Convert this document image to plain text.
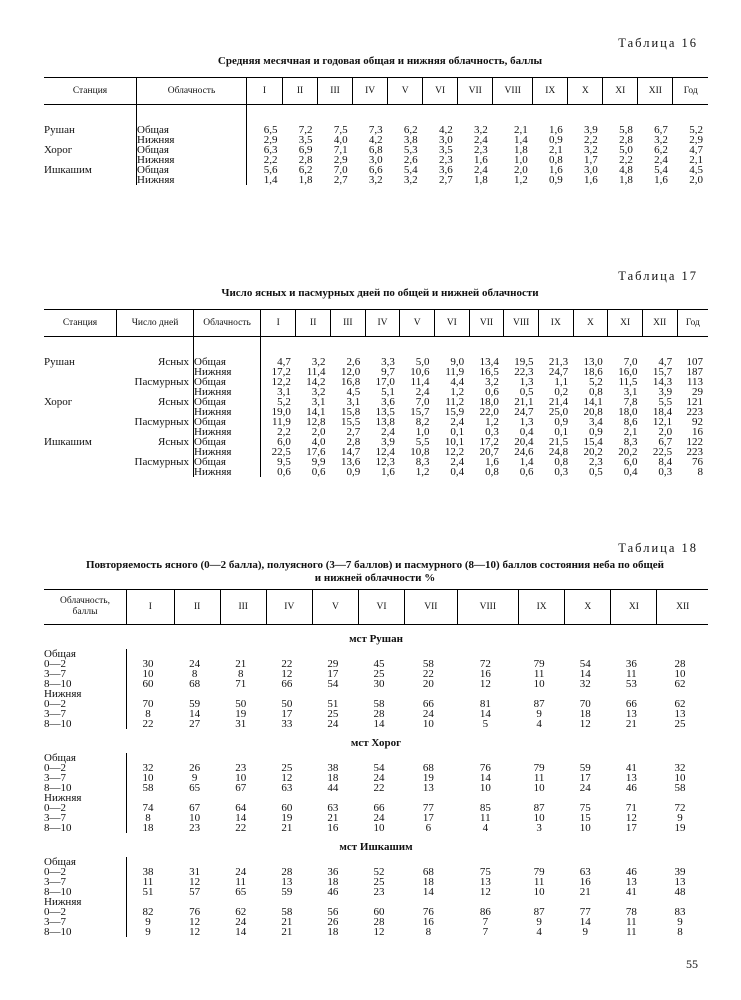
Таблица 16
Средняя месячная и годовая общая и нижняя облачность, баллы
Станция	Облачность	I	II	III	IV	V	VI	VII	VIII	IX	X	XI	XII	Год
Рушан	Общая	6,5	7,2	7,5	7,3	6,2	4,2	3,2	2,1	1,6	3,9	5,8	6,7	5,2
	Нижняя	2,9	3,5	4,0	4,2	3,8	3,0	2,4	1,4	0,9	2,2	2,8	3,2	2,9
Хорог	Общая	6,3	6,9	7,1	6,8	5,3	3,5	2,3	1,8	2,1	3,2	5,0	6,2	4,7
	Нижняя	2,2	2,8	2,9	3,0	2,6	2,3	1,6	1,0	0,8	1,7	2,2	2,4	2,1
Ишкашим	Общая	5,6	6,2	7,0	6,6	5,4	3,6	2,4	2,0	1,6	3,0	4,8	5,4	4,5
	Нижняя	1,4	1,8	2,7	3,2	3,2	2,7	1,8	1,2	0,9	1,6	1,8	1,6	2,0
Таблица 17
Число ясных и пасмурных дней по общей и нижней облачности
Станция	Число дней	Облачность	I	II	III	IV	V	VI	VII	VIII	IX	X	XI	XII	Год
Рушан	Ясных	Общая	4,7	3,2	2,6	3,3	5,0	9,0	13,4	19,5	21,3	13,0	7,0	4,7	107
		Нижняя	17,2	11,4	12,0	9,7	10,6	11,9	16,5	22,3	24,7	18,6	16,0	15,7	187
	Пасмурных	Общая	12,2	14,2	16,8	17,0	11,4	4,4	3,2	1,3	1,1	5,2	11,5	14,3	113
		Нижняя	3,1	3,2	4,5	5,1	2,4	1,2	0,6	0,5	0,2	0,8	3,1	3,9	29
Хорог	Ясных	Общая	5,2	3,1	3,1	3,6	7,0	11,2	18,0	21,1	21,4	14,1	7,8	5,5	121
		Нижняя	19,0	14,1	15,8	13,5	15,7	15,9	22,0	24,7	25,0	20,8	18,0	18,4	223
	Пасмурных	Общая	11,9	12,8	15,5	13,8	8,2	2,4	1,2	1,3	0,9	3,4	8,6	12,1	92
		Нижняя	2,2	2,0	2,7	2,4	1,0	0,1	0,3	0,4	0,1	0,9	2,1	2,0	16
Ишкашим	Ясных	Общая	6,0	4,0	2,8	3,9	5,5	10,1	17,2	20,4	21,5	15,4	8,3	6,7	122
		Нижняя	22,5	17,6	14,7	12,4	10,8	12,2	20,7	24,6	24,8	20,2	20,2	22,5	223
	Пасмурных	Общая	9,5	9,9	13,6	12,3	8,3	2,4	1,6	1,4	0,8	2,3	6,0	8,4	76
		Нижняя	0,6	0,6	0,9	1,6	1,2	0,4	0,8	0,6	0,3	0,5	0,4	0,3	8
Таблица 18
Повторяемость ясного (0—2 балла), полуясного (3—7 баллов) и пасмурного (8—10) баллов состояния неба по общей
и нижней облачности %
Облачность,
баллы	I	II	III	IV	V	VI	VII	VIII	IX	X	XI	XII
мст Рушан												
Общая												
0—2	30	24	21	22	29	45	58	72	79	54	36	28
3—7	10	8	8	12	17	25	22	16	11	14	11	10
8—10	60	68	71	66	54	30	20	12	10	32	53	62
Нижняя												
0—2	70	59	50	50	51	58	66	81	87	70	66	62
3—7	8	14	19	17	25	28	24	14	9	18	13	13
8—10	22	27	31	33	24	14	10	5	4	12	21	25
мст Хорог												
Общая												
0—2	32	26	23	25	38	54	68	76	79	59	41	32
3—7	10	9	10	12	18	24	19	14	11	17	13	10
8—10	58	65	67	63	44	22	13	10	10	24	46	58
Нижняя												
0—2	74	67	64	60	63	66	77	85	87	75	71	72
3—7	8	10	14	19	21	24	17	11	10	15	12	9
8—10	18	23	22	21	16	10	6	4	3	10	17	19
мст Ишкашим												
Общая												
0—2	38	31	24	28	36	52	68	75	79	63	46	39
3—7	11	12	11	13	18	25	18	13	11	16	13	13
8—10	51	57	65	59	46	23	14	12	10	21	41	48
Нижняя												
0—2	82	76	62	58	56	60	76	86	87	77	78	83
3—7	9	12	24	21	26	28	16	7	9	14	11	9
8—10	9	12	14	21	18	12	8	7	4	9	11	8
55
